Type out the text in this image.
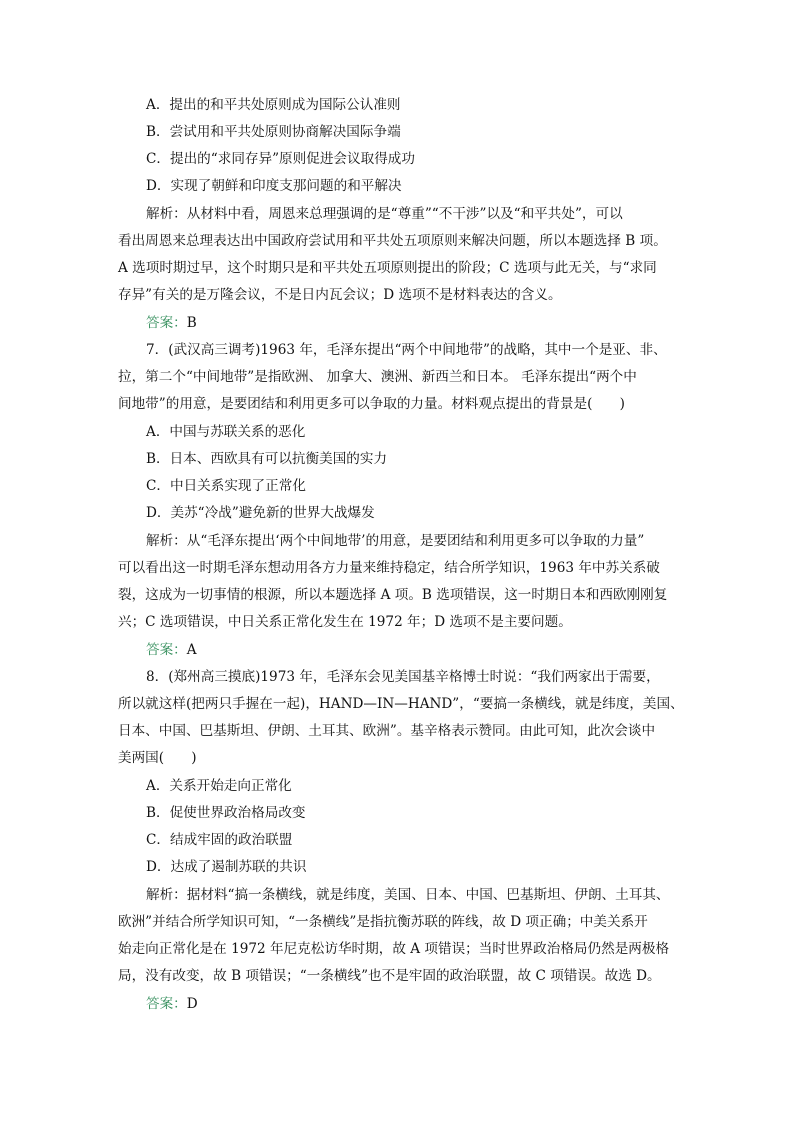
A．提出的和平共处原则成为国际公认准则
B．尝试用和平共处原则协商解决国际争端
C．提出的“求同存异”原则促进会议取得成功
D．实现了朝鲜和印度支那问题的和平解决
解析：从材料中看，周恩来总理强调的是“尊重”“不干涉”以及“和平共处”，可以
看出周恩来总理表达出中国政府尝试用和平共处五项原则来解决问题，所以本题选择 B 项。
A 选项时期过早，这个时期只是和平共处五项原则提出的阶段；C 选项与此无关，与“求同
存异”有关的是万隆会议，不是日内瓦会议；D 选项不是材料表达的含义。
答案：B
7．(武汉高三调考)1963 年，毛泽东提出“两个中间地带”的战略，其中一个是亚、非、
拉，第二个“中间地带”是指欧洲、 加拿大、澳洲、新西兰和日本。 毛泽东提出“两个中
间地带”的用意，是要团结和利用更多可以争取的力量。材料观点提出的背景是(　　)
A．中国与苏联关系的恶化
B．日本、西欧具有可以抗衡美国的实力
C．中日关系实现了正常化
D．美苏“冷战”避免新的世界大战爆发
解析：从“毛泽东提出‘两个中间地带’的用意，是要团结和利用更多可以争取的力量”
可以看出这一时期毛泽东想动用各方力量来维持稳定，结合所学知识，1963 年中苏关系破
裂，这成为一切事情的根源，所以本题选择 A 项。B 选项错误，这一时期日本和西欧刚刚复
兴；C 选项错误，中日关系正常化发生在 1972 年；D 选项不是主要问题。
答案：A
8．(郑州高三摸底)1973 年，毛泽东会见美国基辛格博士时说：“我们两家出于需要，
所以就这样(把两只手握在一起)，HAND—IN—HAND”，“要搞一条横线，就是纬度，美国、
日本、中国、巴基斯坦、伊朗、土耳其、欧洲”。基辛格表示赞同。由此可知，此次会谈中
美两国(　　)
A．关系开始走向正常化
B．促使世界政治格局改变
C．结成牢固的政治联盟
D．达成了遏制苏联的共识
解析：据材料“搞一条横线，就是纬度，美国、日本、中国、巴基斯坦、伊朗、土耳其、
欧洲”并结合所学知识可知，“一条横线”是指抗衡苏联的阵线，故 D 项正确；中美关系开
始走向正常化是在 1972 年尼克松访华时期，故 A 项错误；当时世界政治格局仍然是两极格
局，没有改变，故 B 项错误；“一条横线”也不是牢固的政治联盟，故 C 项错误。故选 D。
答案：D
